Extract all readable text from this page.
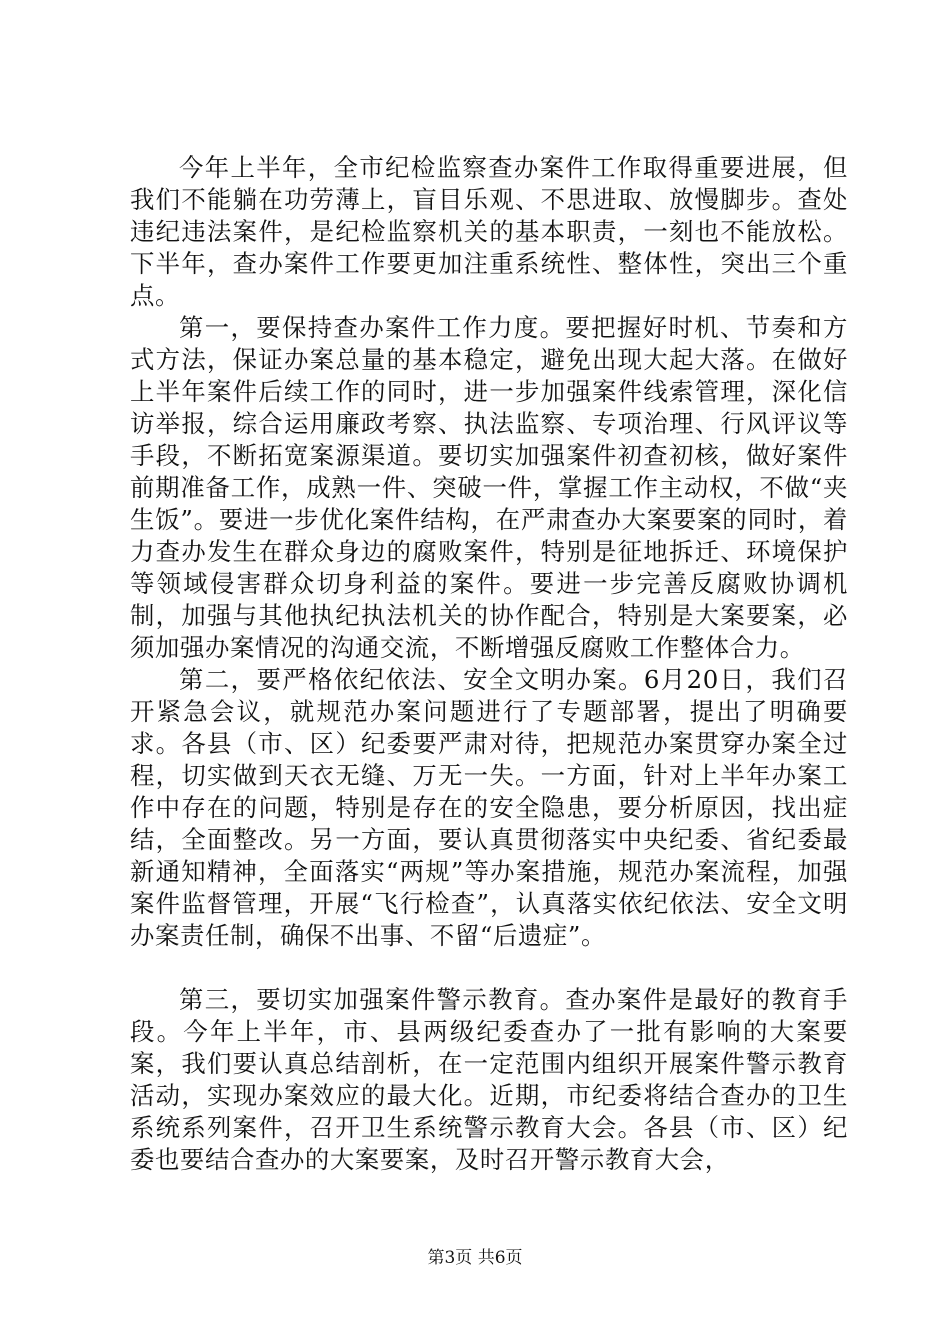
今年上半年，全市纪检监察查办案件工作取得重要进展，但我们不能躺在功劳薄上，盲目乐观、不思进取、放慢脚步。查处违纪违法案件，是纪检监察机关的基本职责，一刻也不能放松。下半年，查办案件工作要更加注重系统性、整体性，突出三个重点。

第一，要保持查办案件工作力度。要把握好时机、节奏和方式方法，保证办案总量的基本稳定，避免出现大起大落。在做好上半年案件后续工作的同时，进一步加强案件线索管理，深化信访举报，综合运用廉政考察、执法监察、专项治理、行风评议等手段，不断拓宽案源渠道。要切实加强案件初查初核，做好案件前期准备工作，成熟一件、突破一件，掌握工作主动权，不做“夹生饭”。要进一步优化案件结构，在严肃查办大案要案的同时，着力查办发生在群众身边的腐败案件，特别是征地拆迁、环境保护等领域侵害群众切身利益的案件。要进一步完善反腐败协调机制，加强与其他执纪执法机关的协作配合，特别是大案要案，必须加强办案情况的沟通交流，不断增强反腐败工作整体合力。

第二，要严格依纪依法、安全文明办案。6月20日，我们召开紧急会议，就规范办案问题进行了专题部署，提出了明确要求。各县（市、区）纪委要严肃对待，把规范办案贯穿办案全过程，切实做到天衣无缝、万无一失。一方面，针对上半年办案工作中存在的问题，特别是存在的安全隐患，要分析原因，找出症结，全面整改。另一方面，要认真贯彻落实中央纪委、省纪委最新通知精神，全面落实“两规”等办案措施，规范办案流程，加强案件监督管理，开展“飞行检查”，认真落实依纪依法、安全文明办案责任制，确保不出事、不留“后遗症”。

第三，要切实加强案件警示教育。查办案件是最好的教育手段。今年上半年，市、县两级纪委查办了一批有影响的大案要案，我们要认真总结剖析，在一定范围内组织开展案件警示教育活动，实现办案效应的最大化。近期，市纪委将结合查办的卫生系统系列案件，召开卫生系统警示教育大会。各县（市、区）纪委也要结合查办的大案要案，及时召开警示教育大会，

第3页 共6页
